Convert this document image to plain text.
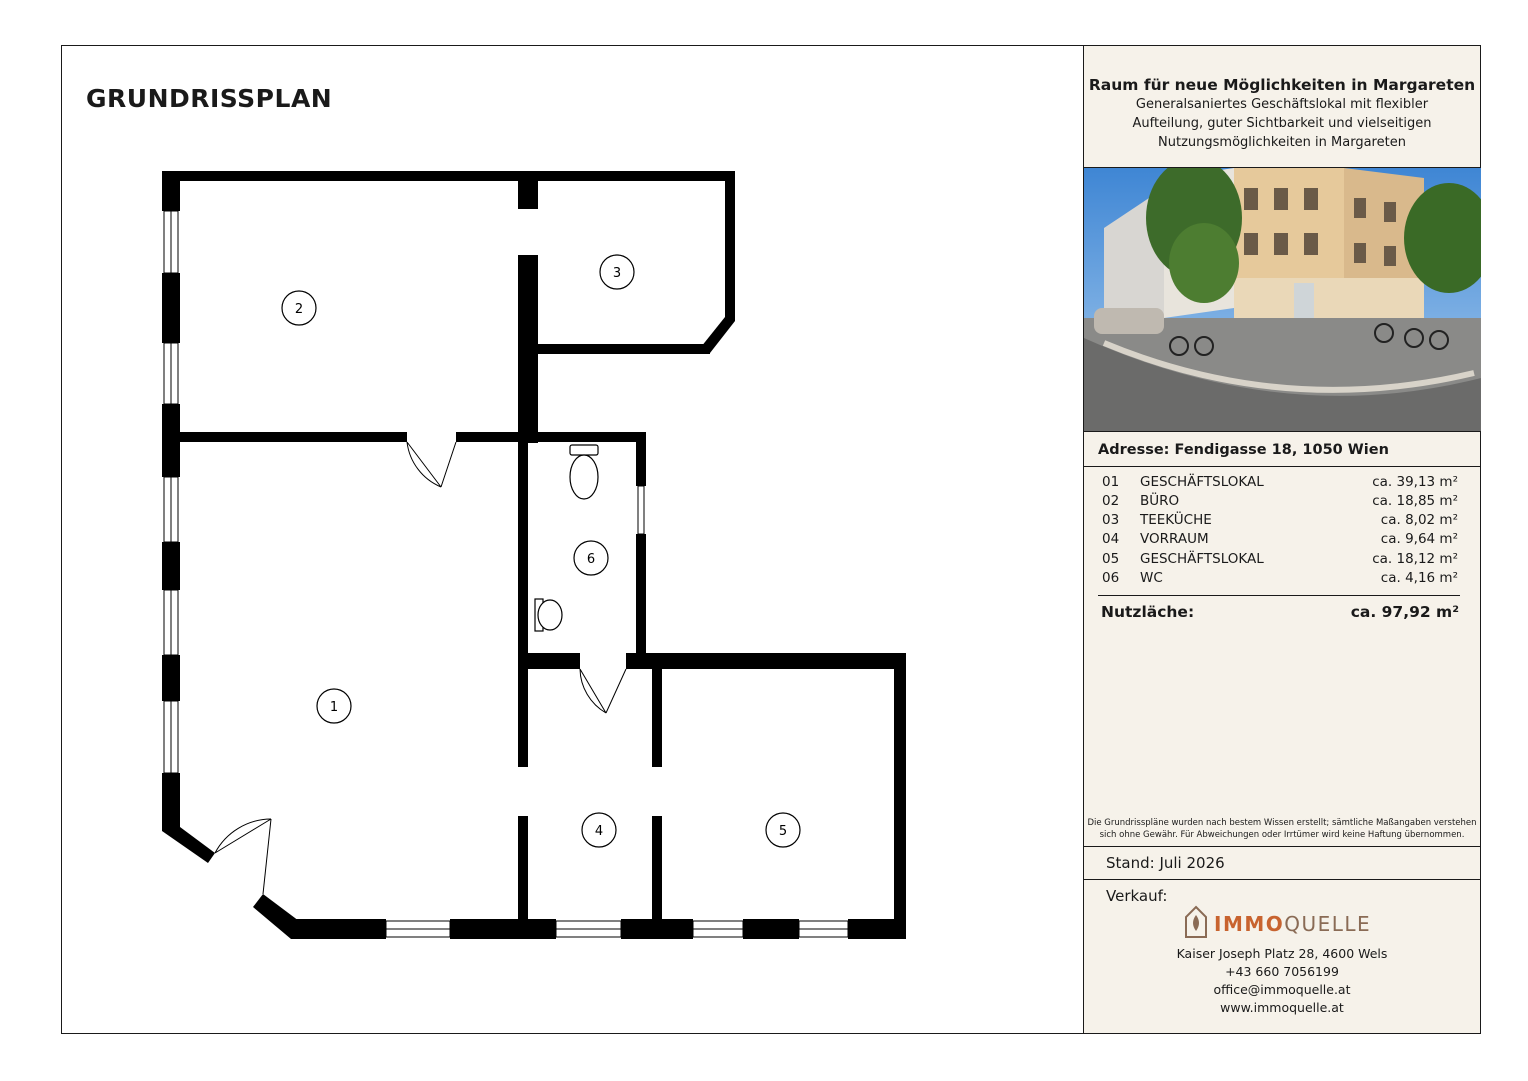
GRUNDRISSPLAN
2
3
6
1
4	5
Raum für neue Möglichkeiten in Margareten
Generalsaniertes Geschäftslokal mit flexibler
Aufteilung, guter Sichtbarkeit und vielseitigen
Nutzungsmöglichkeiten in Margareten
Adresse: Fendigasse 18, 1050 Wien
01 GESCHÄFTSLOKAL	ca. 39,13 m²
02 BÜRO	ca. 18,85 m²
03 TEEKÜCHE	ca. 8,02 m²
04 VORRAUM	ca. 9,64 m²
05 GESCHÄFTSLOKAL	ca. 18,12 m²
06 WC	ca. 4,16 m²
Nutzläche:	ca. 97,92 m²
Die Grundrisspläne wurden nach bestem Wissen erstellt; sämtliche Maßangaben verstehen
sich ohne Gewähr. Für Abweichungen oder Irrtümer wird keine Haftung übernommen.
Stand: Juli 2026
Verkauf:
IMMOQUELLE
Kaiser Joseph Platz 28, 4600 Wels
+43 660 7056199
office@immoquelle.at
www.immoquelle.at
